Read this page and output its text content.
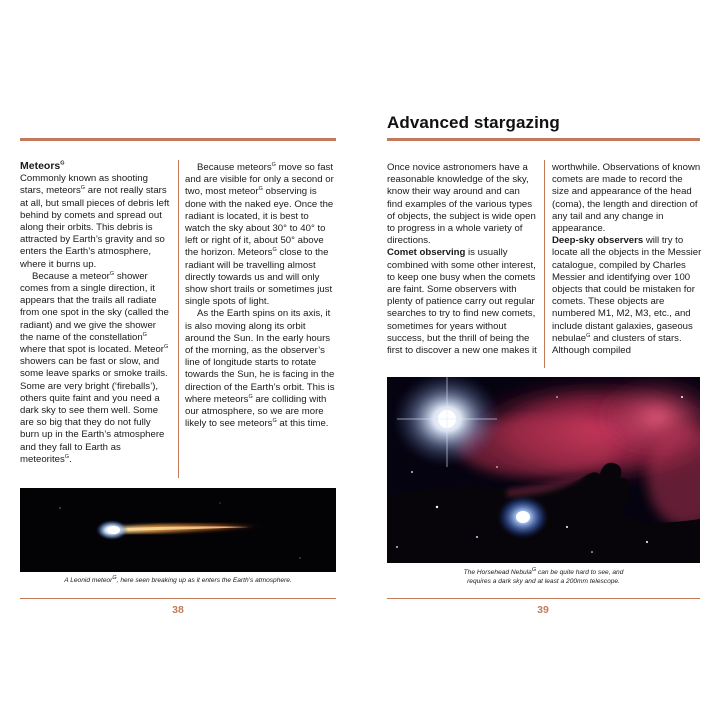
Meteors$^G$

Commonly known as shooting stars, meteors$^G$ are not really stars at all, but small pieces of debris left behind by comets and spread out along their orbits. This debris is attracted by Earth’s gravity and so enters the Earth’s atmosphere, where it burns up.

Because a meteor$^G$ shower comes from a single direction, it appears that the trails all radiate from one spot in the sky (called the radiant) and we give the shower the name of the constellation$^G$ where that spot is located. Meteor$^G$ showers can be fast or slow, and some leave sparks or smoke trails. Some are very bright (‘fireballs’), others quite faint and you need a dark sky to see them well. Some are so big that they do not fully burn up in the Earth’s atmosphere and they fall to Earth as meteorites$^G$.

Because meteors$^G$ move so fast and are visible for only a second or two, most meteor$^G$ observing is done with the naked eye. Once the radiant is located, it is best to watch the sky about 30° to 40° to left or right of it, about 50° above the horizon. Meteors$^G$ close to the radiant will be travelling almost directly towards us and will only show short trails or sometimes just single spots of light.

As the Earth spins on its axis, it is also moving along its orbit around the Sun. In the early hours of the morning, as the observer’s line of longitude starts to rotate towards the Sun, he is facing in the direction of the Earth’s orbit. This is where meteors$^G$ are colliding with our atmosphere, so we are more likely to see meteors$^G$ at this time.

A Leonid meteor$^G$, here seen breaking up as it enters the Earth’s atmosphere.
38
Advanced stargazing

Once novice astronomers have a reasonable knowledge of the sky, know their way around and can find examples of the various types of objects, the subject is wide open to progress in a whole variety of directions.

Comet observing is usually combined with some other interest, to keep one busy when the comets are faint. Some observers with plenty of patience carry out regular searches to try to find new comets, sometimes for years without success, but the thrill of being the first to discover a new one makes it

worthwhile. Observations of known comets are made to record the size and appearance of the head (coma), the length and direction of any tail and any change in appearance.

Deep-sky observers will try to locate all the objects in the Messier catalogue, compiled by Charles Messier and identifying over 100 objects that could be mistaken for comets. These objects are numbered M1, M2, M3, etc., and include distant galaxies, gaseous nebulae$^G$ and clusters of stars. Although compiled

The Horsehead Nebula$^G$ can be quite hard to see, and
requires a dark sky and at least a 200mm telescope.
39
